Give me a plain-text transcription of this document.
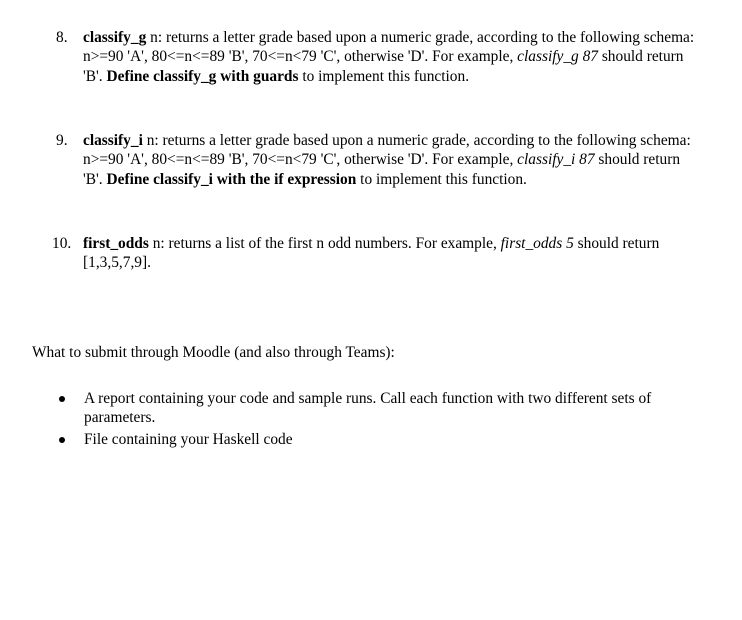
8. classify_g n: returns a letter grade based upon a numeric grade, according to the following schema: n>=90 'A', 80<=n<=89 'B', 70<=n<79 'C', otherwise 'D'. For example, classify_g 87 should return 'B'. Define classify_g with guards to implement this function.
9. classify_i n: returns a letter grade based upon a numeric grade, according to the following schema: n>=90 'A', 80<=n<=89 'B', 70<=n<79 'C', otherwise 'D'. For example, classify_i 87 should return 'B'. Define classify_i with the if expression to implement this function.
10. first_odds n: returns a list of the first n odd numbers. For example, first_odds 5 should return [1,3,5,7,9].
What to submit through Moodle (and also through Teams):
A report containing your code and sample runs. Call each function with two different sets of parameters.
File containing your Haskell code
